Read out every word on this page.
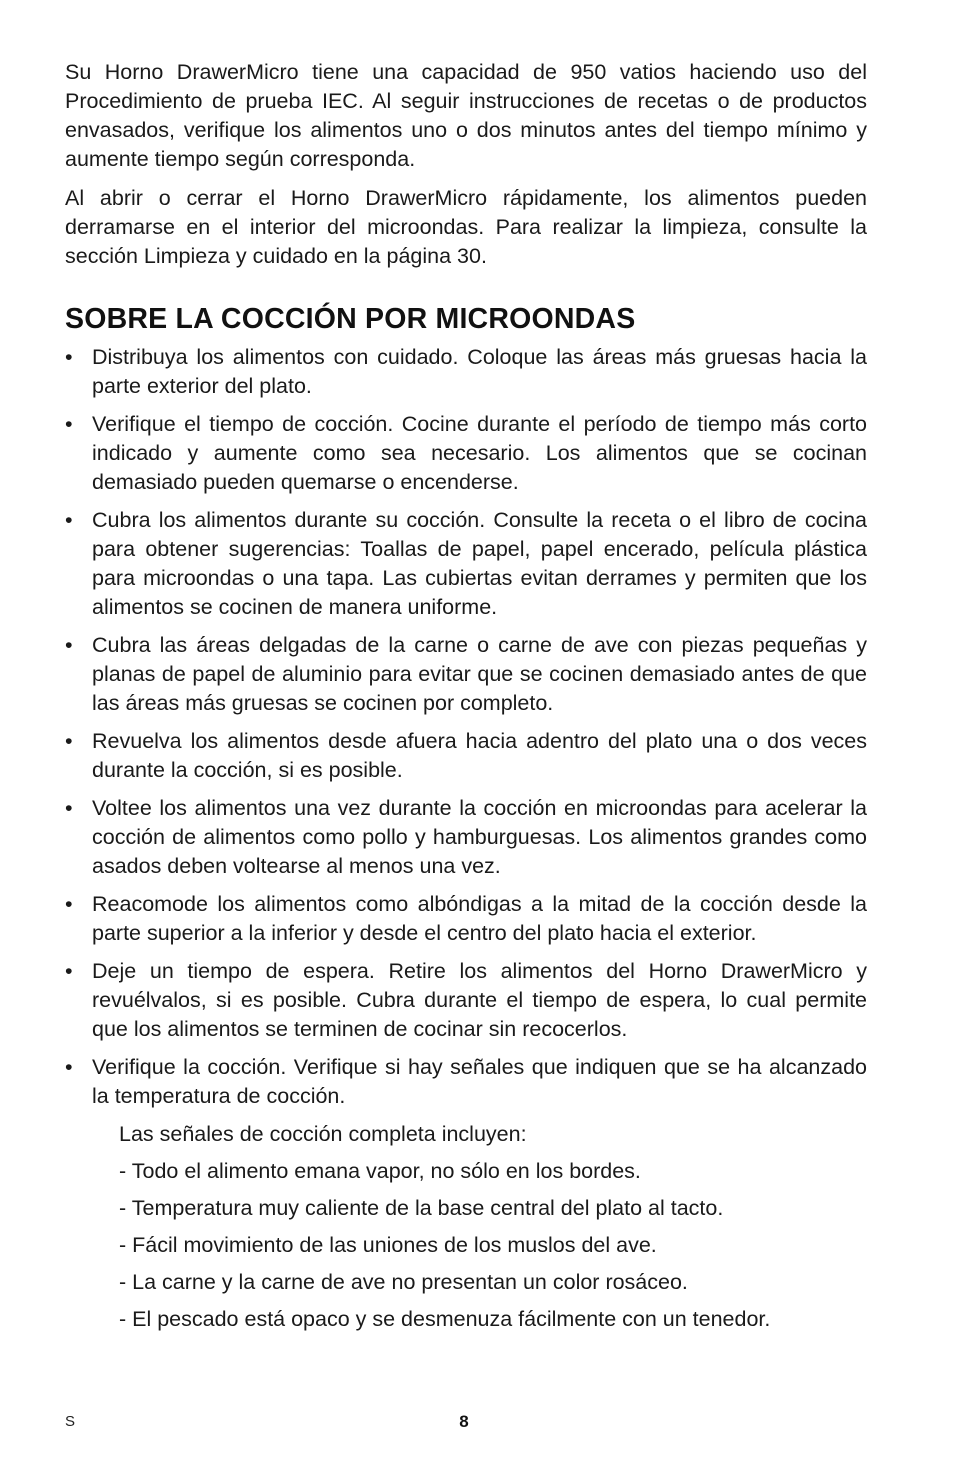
Su Horno DrawerMicro tiene una capacidad de 950 vatios haciendo uso del Procedimiento de prueba IEC. Al seguir instrucciones de recetas o de productos envasados, verifique los alimentos uno o dos minutos antes del tiempo mínimo y aumente tiempo según corresponda.

Al abrir o cerrar el Horno DrawerMicro rápidamente, los alimentos pueden derramarse en el interior del microondas. Para realizar la limpieza, consulte la sección Limpieza y cuidado en la página 30.

SOBRE LA COCCIÓN POR MICROONDAS
• Distribuya los alimentos con cuidado. Coloque las áreas más gruesas hacia la parte exterior del plato.
• Verifique el tiempo de cocción. Cocine durante el período de tiempo más corto indicado y aumente como sea necesario. Los alimentos que se cocinan demasiado pueden quemarse o encenderse.
• Cubra los alimentos durante su cocción. Consulte la receta o el libro de cocina para obtener sugerencias: Toallas de papel, papel encerado, película plástica para microondas o una tapa. Las cubiertas evitan derrames y permiten que los alimentos se cocinen de manera uniforme.
• Cubra las áreas delgadas de la carne o carne de ave con piezas pequeñas y planas de papel de aluminio para evitar que se cocinen demasiado antes de que las áreas más gruesas se cocinen por completo.
• Revuelva los alimentos desde afuera hacia adentro del plato una o dos veces durante la cocción, si es posible.
• Voltee los alimentos una vez durante la cocción en microondas para acelerar la cocción de alimentos como pollo y hamburguesas. Los alimentos grandes como asados deben voltearse al menos una vez.
• Reacomode los alimentos como albóndigas a la mitad de la cocción desde la parte superior a la inferior y desde el centro del plato hacia el exterior.
• Deje un tiempo de espera. Retire los alimentos del Horno DrawerMicro y revuélvalos, si es posible. Cubra durante el tiempo de espera, lo cual permite que los alimentos se terminen de cocinar sin recocerlos.
• Verifique la cocción. Verifique si hay señales que indiquen que se ha alcanzado la temperatura de cocción.

Las señales de cocción completa incluyen:

- Todo el alimento emana vapor, no sólo en los bordes.

- Temperatura muy caliente de la base central del plato al tacto.

- Fácil movimiento de las uniones de los muslos del ave.

- La carne y la carne de ave no presentan un color rosáceo.

- El pescado está opaco y se desmenuza fácilmente con un tenedor.

S	8
